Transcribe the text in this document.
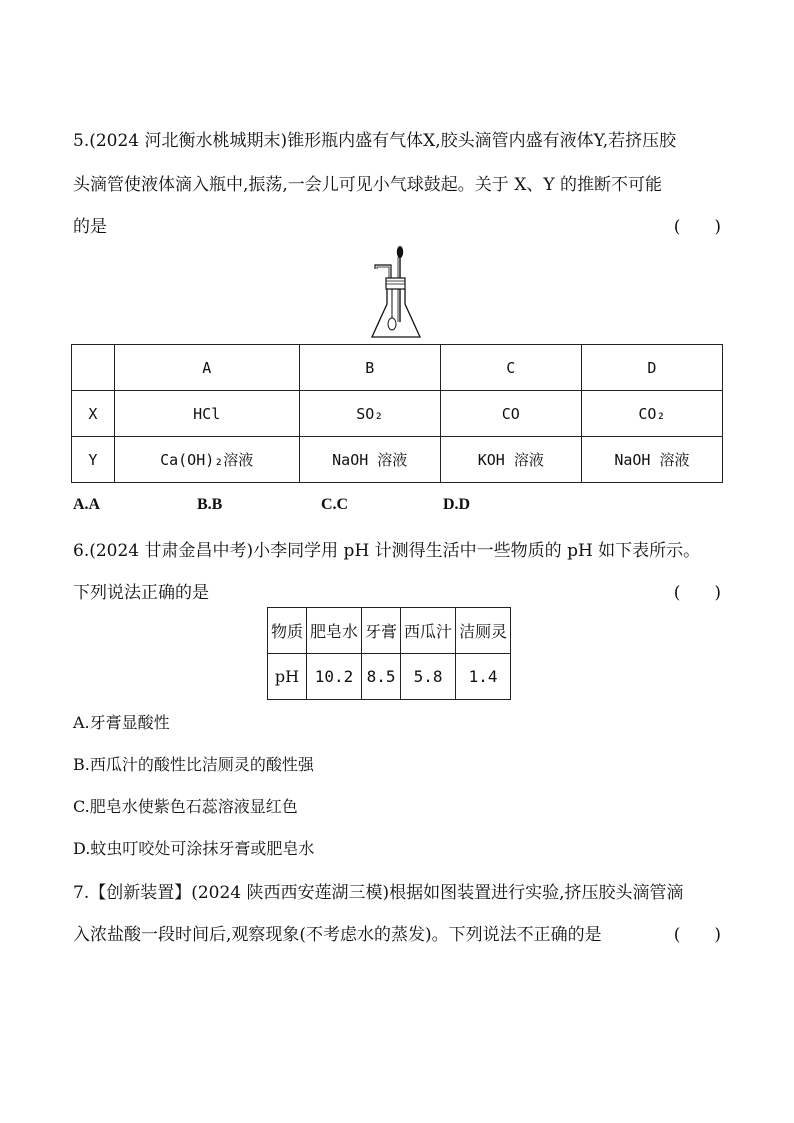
5.(2024 河北衡水桃城期末)锥形瓶内盛有气体X,胶头滴管内盛有液体Y,若挤压胶
头滴管使液体滴入瓶中,振荡,一会儿可见小气球鼓起。关于 X、Y 的推断不可能
的是	(　　)
	A	B	C	D
X	HCl	SO₂	CO	CO₂
Y	Ca(OH)₂溶液	NaOH 溶液	KOH 溶液	NaOH 溶液
A.A	B.B	C.C	D.D
6.(2024 甘肃金昌中考)小李同学用 pH 计测得生活中一些物质的 pH 如下表所示。
下列说法正确的是	(　　)
物质	肥皂水	牙膏	西瓜汁	洁厕灵
pH	10.2	8.5	5.8	1.4
A.牙膏显酸性
B.西瓜汁的酸性比洁厕灵的酸性强
C.肥皂水使紫色石蕊溶液显红色
D.蚊虫叮咬处可涂抹牙膏或肥皂水
7.【创新装置】(2024 陕西西安莲湖三模)根据如图装置进行实验,挤压胶头滴管滴
入浓盐酸一段时间后,观察现象(不考虑水的蒸发)。下列说法不正确的是	(　　)
